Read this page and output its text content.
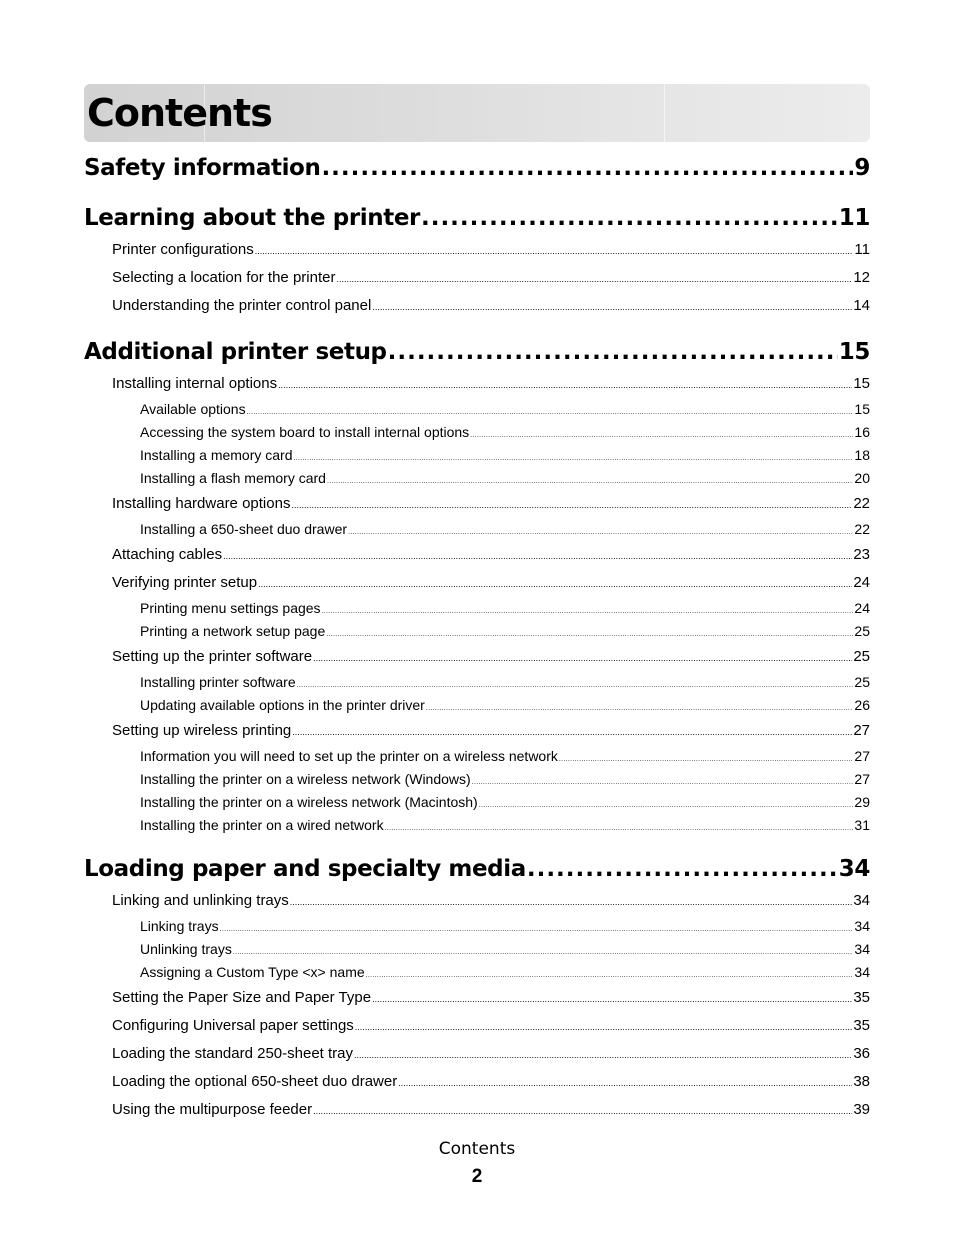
Contents
Safety information .....	9
Learning about the printer .....	11
Printer configurations .....	11
Selecting a location for the printer .....	12
Understanding the printer control panel .....	14
Additional printer setup .....	15
Installing internal options .....	15
Available options .....	15
Accessing the system board to install internal options .....	16
Installing a memory card .....	18
Installing a flash memory card .....	20
Installing hardware options .....	22
Installing a 650-sheet duo drawer .....	22
Attaching cables .....	23
Verifying printer setup .....	24
Printing menu settings pages .....	24
Printing a network setup page .....	25
Setting up the printer software .....	25
Installing printer software .....	25
Updating available options in the printer driver .....	26
Setting up wireless printing .....	27
Information you will need to set up the printer on a wireless network .....	27
Installing the printer on a wireless network (Windows) .....	27
Installing the printer on a wireless network (Macintosh) .....	29
Installing the printer on a wired network .....	31
Loading paper and specialty media .....	34
Linking and unlinking trays .....	34
Linking trays .....	34
Unlinking trays .....	34
Assigning a Custom Type <x> name .....	34
Setting the Paper Size and Paper Type .....	35
Configuring Universal paper settings .....	35
Loading the standard 250-sheet tray .....	36
Loading the optional 650-sheet duo drawer .....	38
Using the multipurpose feeder .....	39
Contents
2
